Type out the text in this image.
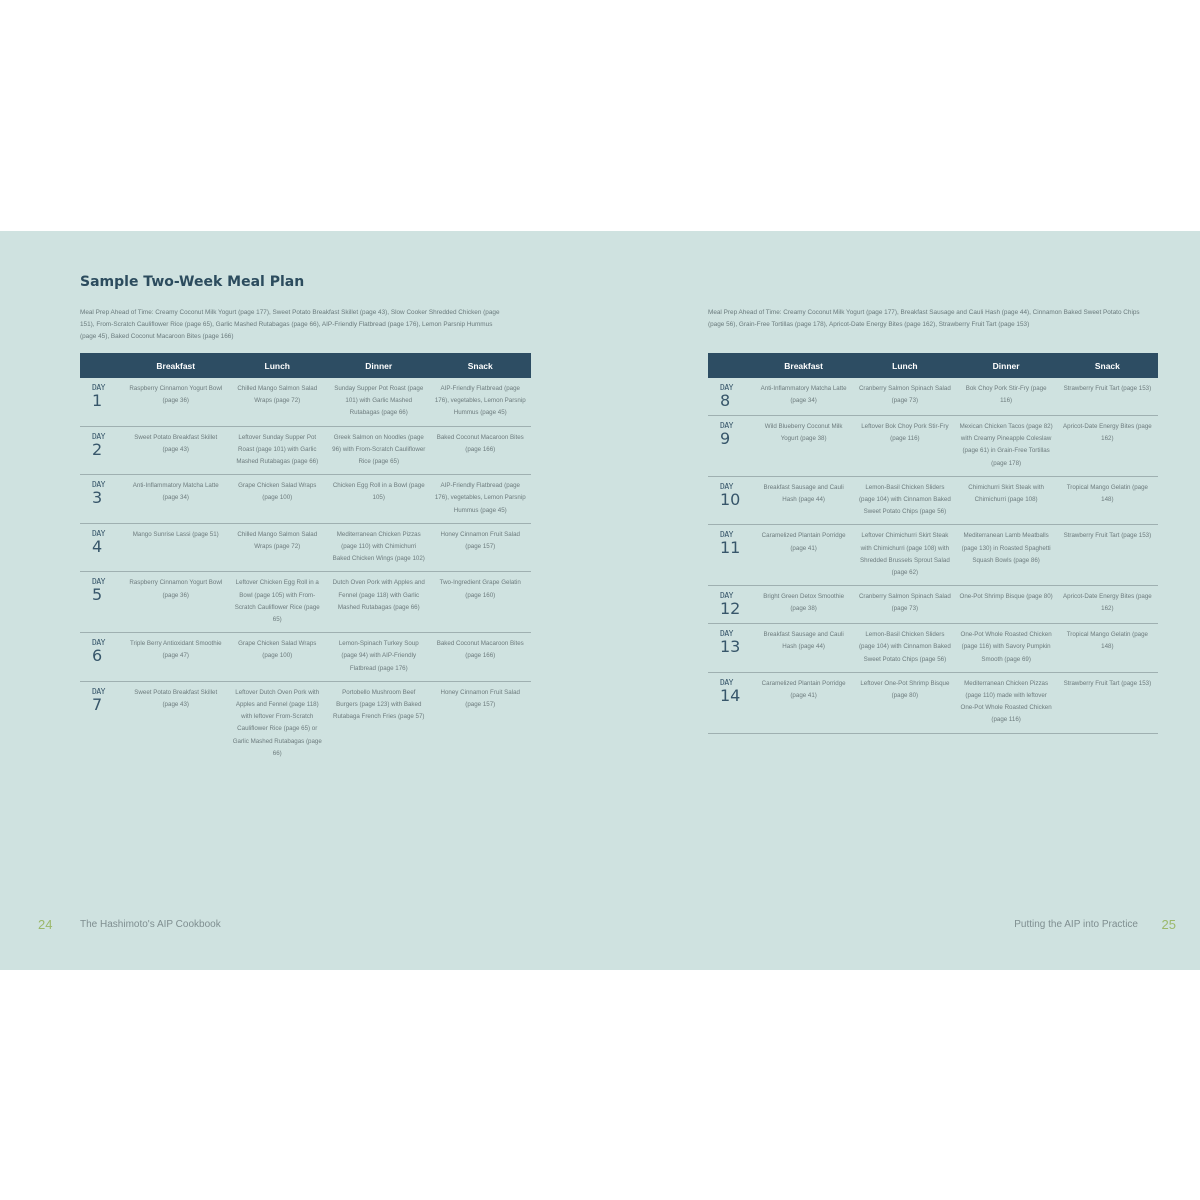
Sample Two-Week Meal Plan
Meal Prep Ahead of Time: Creamy Coconut Milk Yogurt (page 177), Sweet Potato Breakfast Skillet (page 43), Slow Cooker Shredded Chicken (page 151), From-Scratch Cauliflower Rice (page 65), Garlic Mashed Rutabagas (page 66), AIP-Friendly Flatbread (page 176), Lemon Parsnip Hummus (page 45), Baked Coconut Macaroon Bites (page 166)
	Breakfast	Lunch	Dinner	Snack

DAY
1	Raspberry Cinnamon Yogurt Bowl (page 36)	Chilled Mango Salmon Salad Wraps (page 72)	Sunday Supper Pot Roast (page 101) with Garlic Mashed Rutabagas (page 66)	AIP-Friendly Flatbread (page 176), vegetables, Lemon Parsnip Hummus (page 45)

DAY
2	Sweet Potato Breakfast Skillet (page 43)	Leftover Sunday Supper Pot Roast (page 101) with Garlic Mashed Rutabagas (page 66)	Greek Salmon on Noodles (page 96) with From-Scratch Cauliflower Rice (page 65)	Baked Coconut Macaroon Bites (page 166)

DAY
3	Anti-Inflammatory Matcha Latte (page 34)	Grape Chicken Salad Wraps (page 100)	Chicken Egg Roll in a Bowl (page 105)	AIP-Friendly Flatbread (page 176), vegetables, Lemon Parsnip Hummus (page 45)

DAY
4	Mango Sunrise Lassi (page 51)	Chilled Mango Salmon Salad Wraps (page 72)	Mediterranean Chicken Pizzas (page 110) with Chimichurri Baked Chicken Wings (page 102)	Honey Cinnamon Fruit Salad (page 157)

DAY
5	Raspberry Cinnamon Yogurt Bowl (page 36)	Leftover Chicken Egg Roll in a Bowl (page 105) with From-Scratch Cauliflower Rice (page 65)	Dutch Oven Pork with Apples and Fennel (page 118) with Garlic Mashed Rutabagas (page 66)	Two-Ingredient Grape Gelatin (page 160)

DAY
6	Triple Berry Antioxidant Smoothie (page 47)	Grape Chicken Salad Wraps (page 100)	Lemon-Spinach Turkey Soup (page 94) with AIP-Friendly Flatbread (page 176)	Baked Coconut Macaroon Bites (page 166)

DAY
7	Sweet Potato Breakfast Skillet (page 43)	Leftover Dutch Oven Pork with Apples and Fennel (page 118) with leftover From-Scratch Cauliflower Rice (page 65) or Garlic Mashed Rutabagas (page 66)	Portobello Mushroom Beef Burgers (page 123) with Baked Rutabaga French Fries (page 57)	Honey Cinnamon Fruit Salad (page 157)
Meal Prep Ahead of Time: Creamy Coconut Milk Yogurt (page 177), Breakfast Sausage and Cauli Hash (page 44), Cinnamon Baked Sweet Potato Chips (page 56), Grain-Free Tortillas (page 178), Apricot-Date Energy Bites (page 162), Strawberry Fruit Tart (page 153)
	Breakfast	Lunch	Dinner	Snack

DAY
8	Anti-Inflammatory Matcha Latte (page 34)	Cranberry Salmon Spinach Salad (page 73)	Bok Choy Pork Stir-Fry (page 116)	Strawberry Fruit Tart (page 153)

DAY
9	Wild Blueberry Coconut Milk Yogurt (page 38)	Leftover Bok Choy Pork Stir-Fry (page 116)	Mexican Chicken Tacos (page 82) with Creamy Pineapple Coleslaw (page 61) in Grain-Free Tortillas (page 178)	Apricot-Date Energy Bites (page 162)

DAY
10	Breakfast Sausage and Cauli Hash (page 44)	Lemon-Basil Chicken Sliders (page 104) with Cinnamon Baked Sweet Potato Chips (page 56)	Chimichurri Skirt Steak with Chimichurri (page 108)	Tropical Mango Gelatin (page 148)

DAY
11	Caramelized Plantain Porridge (page 41)	Leftover Chimichurri Skirt Steak with Chimichurri (page 108) with Shredded Brussels Sprout Salad (page 62)	Mediterranean Lamb Meatballs (page 130) in Roasted Spaghetti Squash Bowls (page 86)	Strawberry Fruit Tart (page 153)

DAY
12	Bright Green Detox Smoothie (page 38)	Cranberry Salmon Spinach Salad (page 73)	One-Pot Shrimp Bisque (page 80)	Apricot-Date Energy Bites (page 162)

DAY
13	Breakfast Sausage and Cauli Hash (page 44)	Lemon-Basil Chicken Sliders (page 104) with Cinnamon Baked Sweet Potato Chips (page 56)	One-Pot Whole Roasted Chicken (page 116) with Savory Pumpkin Smooth (page 69)	Tropical Mango Gelatin (page 148)

DAY
14	Caramelized Plantain Porridge (page 41)	Leftover One-Pot Shrimp Bisque (page 80)	Mediterranean Chicken Pizzas (page 110) made with leftover One-Pot Whole Roasted Chicken (page 116)	Strawberry Fruit Tart (page 153)
24	The Hashimoto's AIP Cookbook	Putting the AIP into Practice 25
